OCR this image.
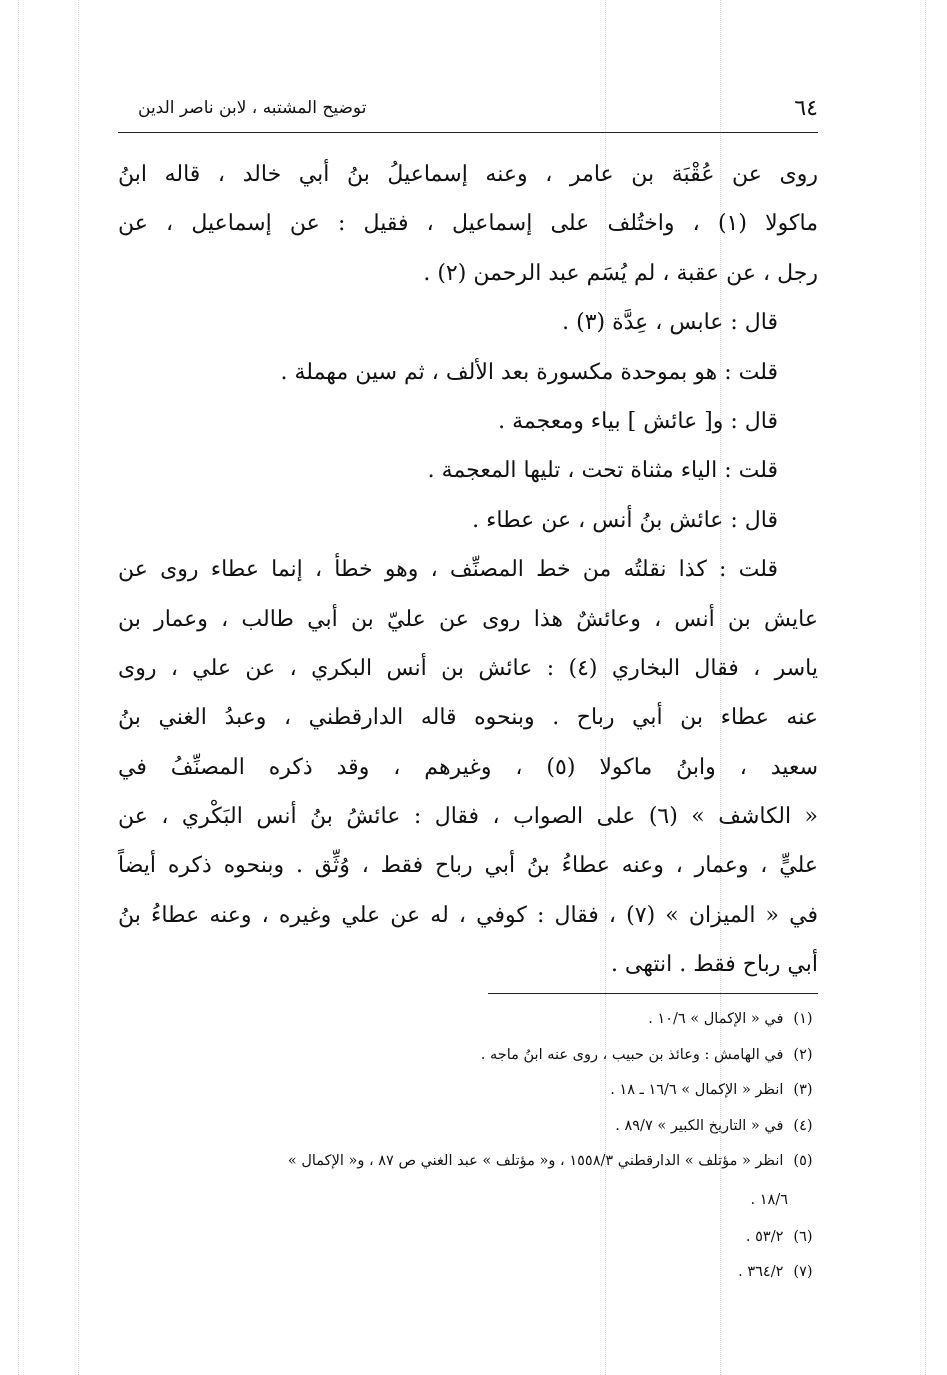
٦٤
توضيح المشتبه ، لابن ناصر الدين
روى عن عُقْبَة بن عامر ، وعنه إسماعيلُ بنُ أبي خالد ، قاله ابنُ
ماكولا (١) ، واختُلف على إسماعيل ، فقيل : عن إسماعيل ، عن
رجل ، عن عقبة ، لم يُسَم عبد الرحمن (٢) .
قال : عابس ، عِدَّة (٣) .
قلت : هو بموحدة مكسورة بعد الألف ، ثم سين مهملة .
قال : و[ عائش ] بياء ومعجمة .
قلت : الياء مثناة تحت ، تليها المعجمة .
قال : عائش بنُ أنس ، عن عطاء .
قلت : كذا نقلتُه من خط المصنِّف ، وهو خطأ ، إنما عطاء روى عن
عايش بن أنس ، وعائشٌ هذا روى عن عليّ بن أبي طالب ، وعمار بن
ياسر ، فقال البخاري (٤) : عائش بن أنس البكري ، عن علي ، روى
عنه عطاء بن أبي رباح . وبنحوه قاله الدارقطني ، وعبدُ الغني بنُ
سعيد ، وابنُ ماكولا (٥) ، وغيرهم ، وقد ذكره المصنِّفُ في
« الكاشف » (٦) على الصواب ، فقال : عائشُ بنُ أنس البَكْري ، عن
عليٍّ ، وعمار ، وعنه عطاءُ بنُ أبي رباح فقط ، وُثِّق . وبنحوه ذكره أيضاً
في « الميزان » (٧) ، فقال : كوفي ، له عن علي وغيره ، وعنه عطاءُ بنُ
أبي رباح فقط . انتهى .
(١) في « الإكمال » ١٠/٦ .
(٢) في الهامش : وعائذ بن حبيب ، روى عنه ابنُ ماجه .
(٣) انظر « الإكمال » ١٦/٦ ـ ١٨ .
(٤) في « التاريخ الكبير » ٨٩/٧ .
(٥) انظر « مؤتلف » الدارقطني ١٥٥٨/٣ ، و« مؤتلف » عبد الغني ص ٨٧ ، و« الإكمال »
١٨/٦ .
(٦) ٥٣/٢ .
(٧) ٣٦٤/٢ .
